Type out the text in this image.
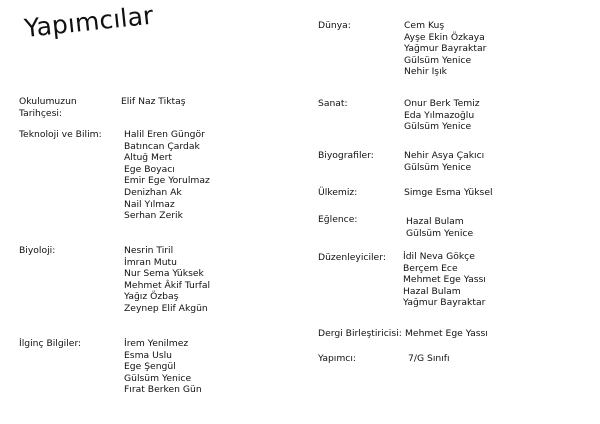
Yapımcılar
Okulumuzun
Tarihçesi:
Elif Naz Tiktaş
Teknoloji ve Bilim: Halil Eren Güngör
Batıncan Çardak
Altuğ Mert
Ege Boyacı
Emir Ege Yorulmaz
Denizhan Ak
Nail Yılmaz
Serhan Zerik
Biyoloji:	Nesrin Tiril
İmran Mutu
Nur Sema Yüksek
Mehmet Âkif Turfal
Yağız Özbaş
Zeynep Elif Akgün
İlginç Bilgiler:	İrem Yenilmez
Esma Uslu
Ege Şengül
Gülsüm Yenice
Fırat Berken Gün
Dünya:	Cem Kuş
Ayşe Ekin Özkaya
Yağmur Bayraktar
Gülsüm Yenice
Nehir Işık
Sanat:	Onur Berk Temiz
Eda Yılmazoğlu
Gülsüm Yenice
Biyografiler:	Nehir Asya Çakıcı
Gülsüm Yenice
Ülkemiz:	Simge Esma Yüksel
Eğlence:	Hazal Bulam
Gülsüm Yenice
Düzenleyiciler: İdil Neva Gökçe
Berçem Ece
Mehmet Ege Yassı
Hazal Bulam
Yağmur Bayraktar
Dergi Birleştiricisi: Mehmet Ege Yassı
Yapımcı:	7/G Sınıfı
